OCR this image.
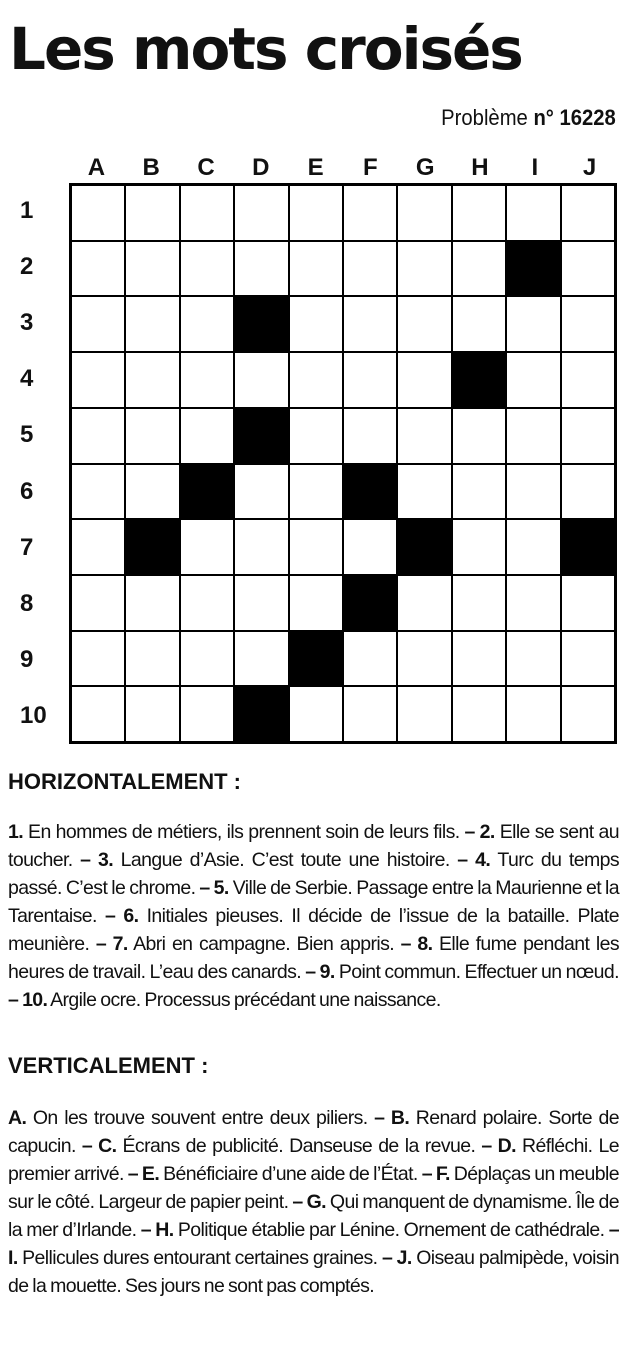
Les mots croisés
Problème n° 16228
A	B	C	D	E	F	G	H	I	J
1
2
3
4
5
6
7
8
9
10
HORIZONTALEMENT :

1. En hommes de métiers, ils prennent soin de leurs fils. – 2. Elle se sent au toucher. – 3. Langue d’Asie. C’est toute une histoire. – 4. Turc du temps passé. C’est le chrome. – 5. Ville de Serbie. Passage entre la Maurienne et la Tarentaise. – 6. Initiales pieuses. Il décide de l’issue de la bataille. Plate meunière. – 7. Abri en campagne. Bien appris. – 8. Elle fume pendant les heures de travail. L’eau des canards. – 9. Point commun. Effectuer un nœud. – 10. Argile ocre. Processus précédant une naissance.

VERTICALEMENT :

A. On les trouve souvent entre deux piliers. – B. Renard polaire. Sorte de capucin. – C. Écrans de publicité. Danseuse de la revue. – D. Réfléchi. Le premier arrivé. – E. Bénéficiaire d’une aide de l’État. – F. Déplaças un meuble sur le côté. Largeur de papier peint. – G. Qui manquent de dynamisme. Île de la mer d’Irlande. – H. Politique établie par Lénine. Ornement de cathédrale. – I. Pellicules dures entourant certaines graines. – J. Oiseau palmipède, voisin de la mouette. Ses jours ne sont pas comptés.
